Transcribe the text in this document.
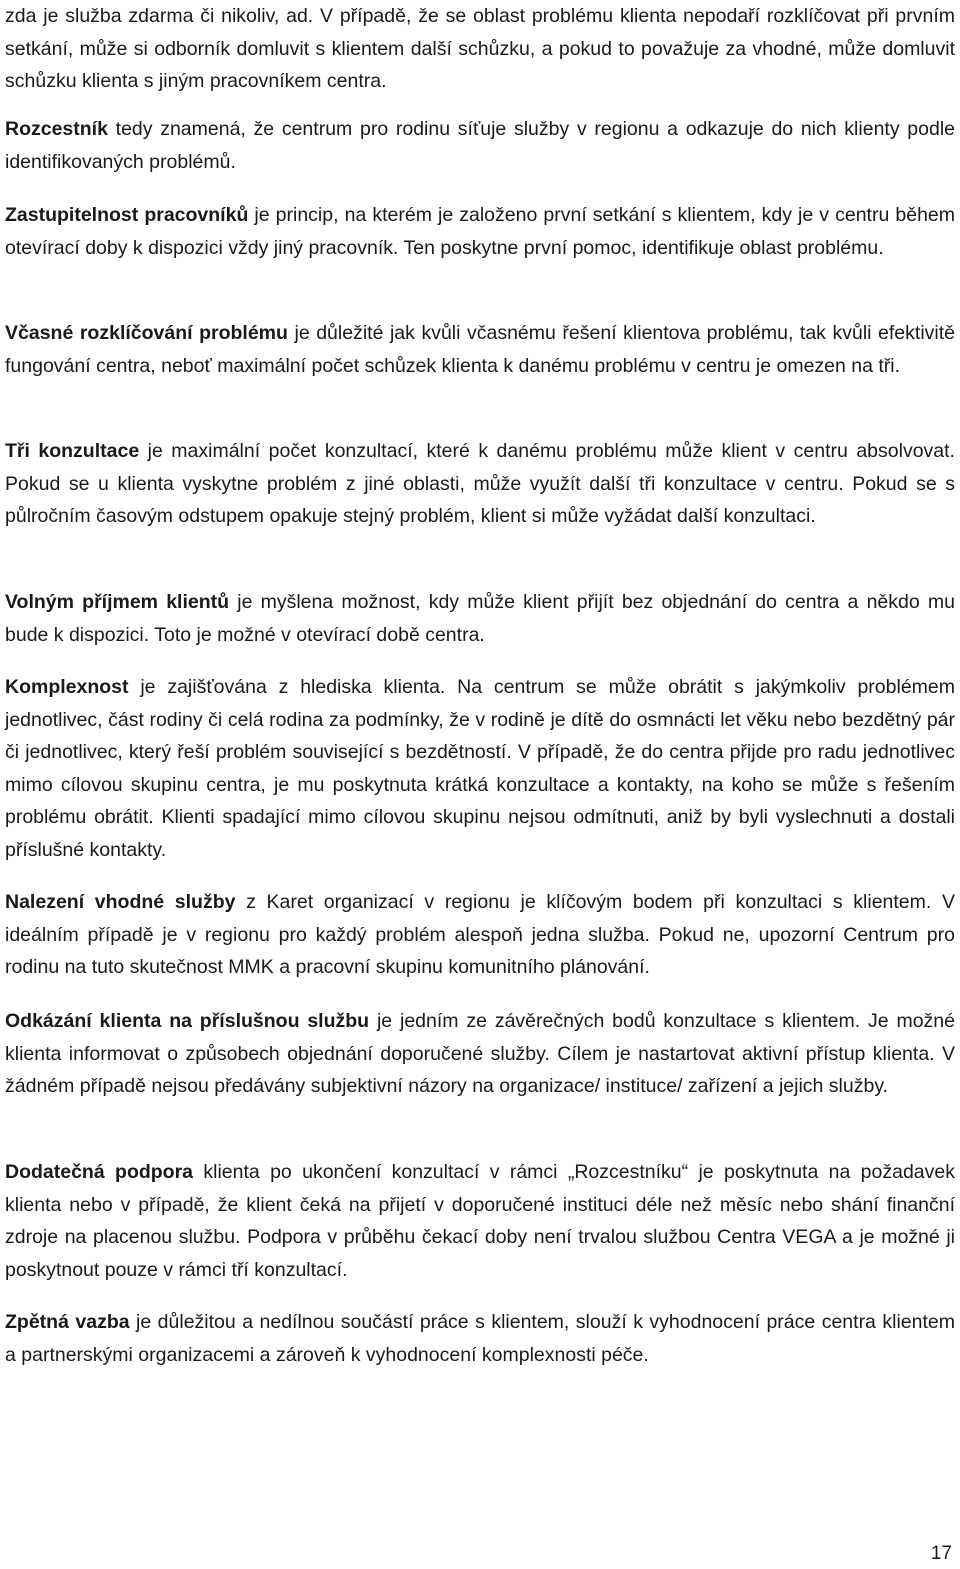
zda je služba zdarma či nikoliv, ad. V případě, že se oblast problému klienta nepodaří rozklíčovat při prvním setkání, může si odborník domluvit s klientem další schůzku, a pokud to považuje za vhodné, může domluvit schůzku klienta s jiným pracovníkem centra.

Rozcestník tedy znamená, že centrum pro rodinu síťuje služby v regionu a odkazuje do nich klienty podle identifikovaných problémů.

Zastupitelnost pracovníků je princip, na kterém je založeno první setkání s klientem, kdy je v centru během otevírací doby k dispozici vždy jiný pracovník. Ten poskytne první pomoc, identifikuje oblast problému.

Včasné rozklíčování problému je důležité jak kvůli včasnému řešení klientova problému, tak kvůli efektivitě fungování centra, neboť maximální počet schůzek klienta k danému problému v centru je omezen na tři.

Tři konzultace je maximální počet konzultací, které k danému problému může klient v centru absolvovat. Pokud se u klienta vyskytne problém z jiné oblasti, může využít další tři konzultace v centru. Pokud se s půlročním časovým odstupem opakuje stejný problém, klient si může vyžádat další konzultaci.

Volným příjmem klientů je myšlena možnost, kdy může klient přijít bez objednání do centra a někdo mu bude k dispozici. Toto je možné v otevírací době centra.

Komplexnost je zajišťována z hlediska klienta. Na centrum se může obrátit s jakýmkoliv problémem jednotlivec, část rodiny či celá rodina za podmínky, že v rodině je dítě do osmnácti let věku nebo bezdětný pár či jednotlivec, který řeší problém související s bezdětností. V případě, že do centra přijde pro radu jednotlivec mimo cílovou skupinu centra, je mu poskytnuta krátká konzultace a kontakty, na koho se může s řešením problému obrátit. Klienti spadající mimo cílovou skupinu nejsou odmítnuti, aniž by byli vyslechnuti a dostali příslušné kontakty.

Nalezení vhodné služby z Karet organizací v regionu je klíčovým bodem při konzultaci s klientem. V ideálním případě je v regionu pro každý problém alespoň jedna služba. Pokud ne, upozorní Centrum pro rodinu na tuto skutečnost MMK a pracovní skupinu komunitního plánování.

Odkázání klienta na příslušnou službu je jedním ze závěrečných bodů konzultace s klientem. Je možné klienta informovat o způsobech objednání doporučené služby. Cílem je nastartovat aktivní přístup klienta. V žádném případě nejsou předávány subjektivní názory na organizace/ instituce/ zařízení a jejich služby.

Dodatečná podpora klienta po ukončení konzultací v rámci „Rozcestníku“ je poskytnuta na požadavek klienta nebo v případě, že klient čeká na přijetí v doporučené instituci déle než měsíc nebo shání finanční zdroje na placenou službu. Podpora v průběhu čekací doby není trvalou službou Centra VEGA a je možné ji poskytnout pouze v rámci tří konzultací.

Zpětná vazba je důležitou a nedílnou součástí práce s klientem, slouží k vyhodnocení práce centra klientem a partnerskými organizacemi a zároveň k vyhodnocení komplexnosti péče.

17
